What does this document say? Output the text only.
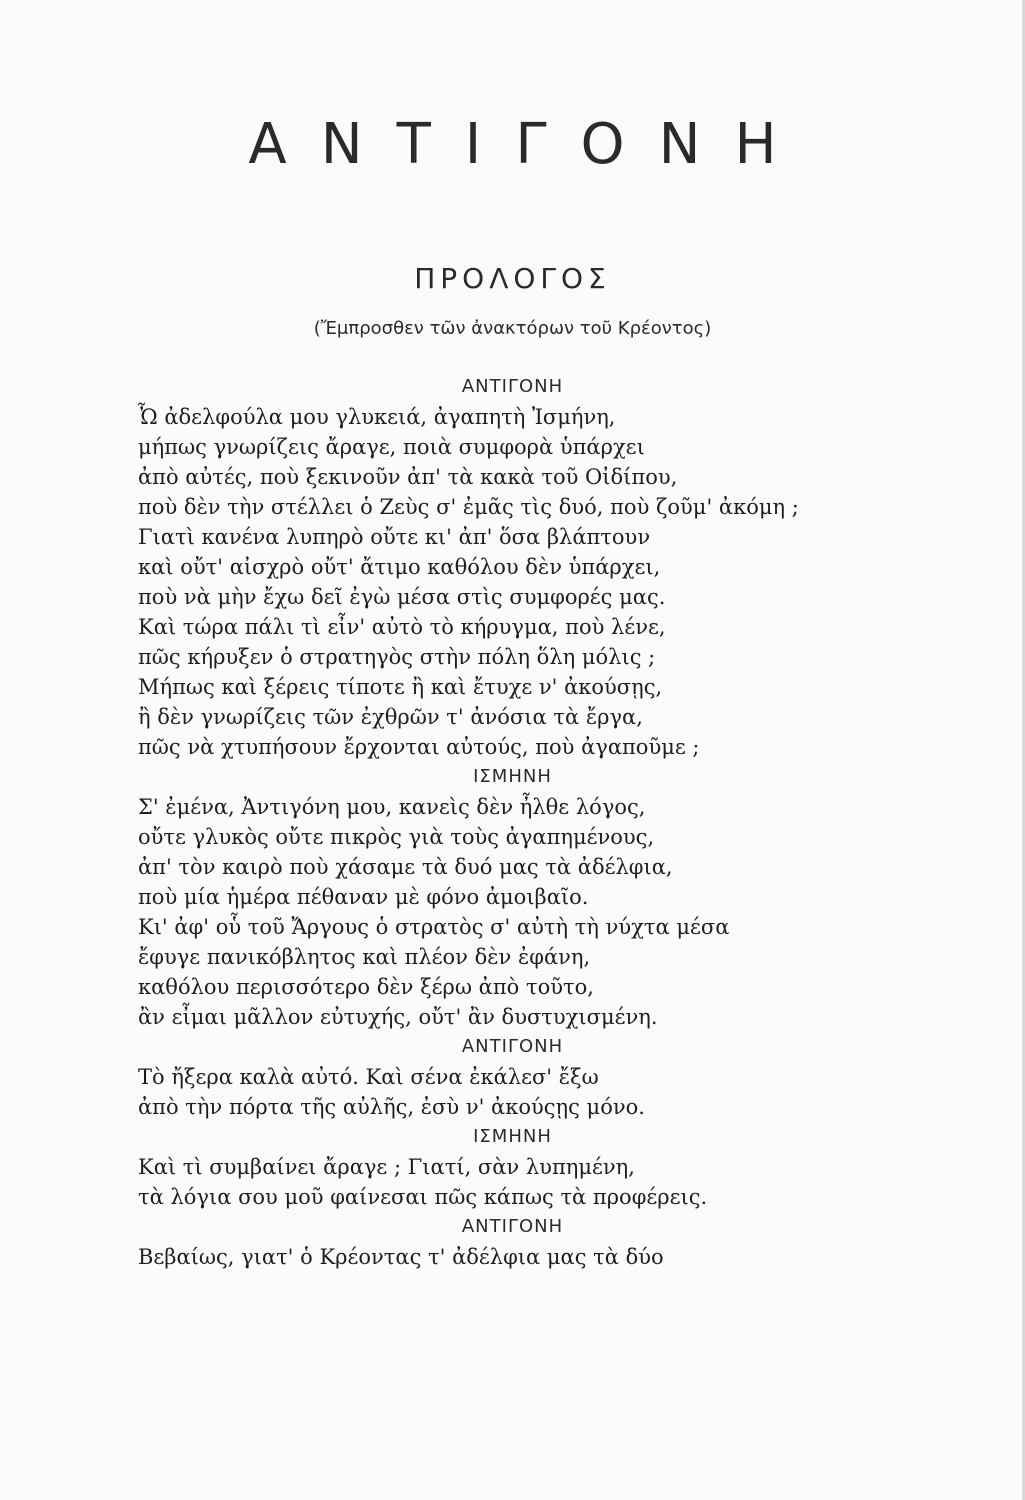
ΑΝΤΙΓΟΝΗ
ΠΡΟΛΟΓΟΣ
(Ἔμπροσθεν τῶν ἀνακτόρων τοῦ Κρέοντος)
ΑΝΤΙΓΟΝΗ
Ὦ ἀδελφούλα μου γλυκειά, ἀγαπητὴ Ἰσμήνη,
μήπως γνωρίζεις ἄραγε, ποιὰ συμφορὰ ὑπάρχει
ἀπὸ αὐτές, ποὺ ξεκινοῦν ἀπ' τὰ κακὰ τοῦ Οἰδίπου,
ποὺ δὲν τὴν στέλλει ὁ Ζεὺς σ' ἐμᾶς τὶς δυό, ποὺ ζοῦμ' ἀκόμη ;
Γιατὶ κανένα λυπηρὸ οὔτε κι' ἀπ' ὅσα βλάπτουν
καὶ οὔτ' αἰσχρὸ οὔτ' ἄτιμο καθόλου δὲν ὑπάρχει,
ποὺ νὰ μὴν ἔχω δεῖ ἐγὼ μέσα στὶς συμφορές μας.
Καὶ τώρα πάλι τὶ εἶν' αὐτὸ τὸ κήρυγμα, ποὺ λένε,
πῶς κήρυξεν ὁ στρατηγὸς στὴν πόλη ὅλη μόλις ;
Μήπως καὶ ξέρεις τίποτε ἢ καὶ ἔτυχε ν' ἀκούσῃς,
ἢ δὲν γνωρίζεις τῶν ἐχθρῶν τ' ἀνόσια τὰ ἔργα,
πῶς νὰ χτυπήσουν ἔρχονται αὐτούς, ποὺ ἀγαποῦμε ;
ΙΣΜΗΝΗ
Σ' ἐμένα, Ἀντιγόνη μου, κανεὶς δὲν ἦλθε λόγος,
οὔτε γλυκὸς οὔτε πικρὸς γιὰ τοὺς ἀγαπημένους,
ἀπ' τὸν καιρὸ ποὺ χάσαμε τὰ δυό μας τὰ ἀδέλφια,
ποὺ μία ἡμέρα πέθαναν μὲ φόνο ἀμοιβαῖο.
Κι' ἀφ' οὗ τοῦ Ἄργους ὁ στρατὸς σ' αὐτὴ τὴ νύχτα μέσα
ἔφυγε πανικόβλητος καὶ πλέον δὲν ἐφάνη,
καθόλου περισσότερο δὲν ξέρω ἀπὸ τοῦτο,
ἂν εἶμαι μᾶλλον εὐτυχής, οὔτ' ἂν δυστυχισμένη.
ΑΝΤΙΓΟΝΗ
Τὸ ἤξερα καλὰ αὐτό. Καὶ σένα ἐκάλεσ' ἔξω
ἀπὸ τὴν πόρτα τῆς αὐλῆς, ἐσὺ ν' ἀκούςῃς μόνο.
ΙΣΜΗΝΗ
Καὶ τὶ συμβαίνει ἄραγε ; Γιατί, σὰν λυπημένη,
τὰ λόγια σου μοῦ φαίνεσαι πῶς κάπως τὰ προφέρεις.
ΑΝΤΙΓΟΝΗ
Βεβαίως, γιατ' ὁ Κρέοντας τ' ἀδέλφια μας τὰ δύο
